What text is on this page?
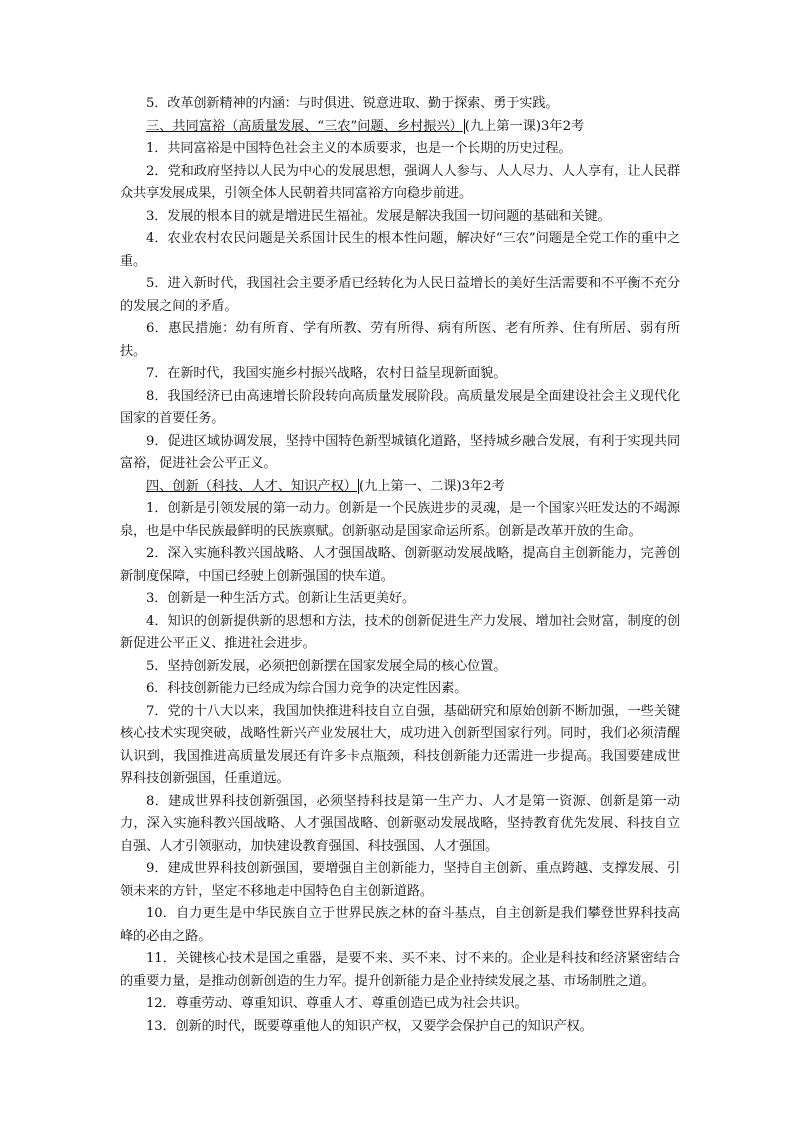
5．改革创新精神的内涵：与时俱进、锐意进取、勤于探索、勇于实践。

三、共同富裕（高质量发展、“三农”问题、乡村振兴） (九上第一课)3年2考

1．共同富裕是中国特色社会主义的本质要求，也是一个长期的历史过程。

2．党和政府坚持以人民为中心的发展思想，强调人人参与、人人尽力、人人享有，让人民群众共享发展成果，引领全体人民朝着共同富裕方向稳步前进。

3．发展的根本目的就是增进民生福祉。发展是解决我国一切问题的基础和关键。

4．农业农村农民问题是关系国计民生的根本性问题，解决好“三农”问题是全党工作的重中之重。

5．进入新时代，我国社会主要矛盾已经转化为人民日益增长的美好生活需要和不平衡不充分的发展之间的矛盾。

6．惠民措施：幼有所育、学有所教、劳有所得、病有所医、老有所养、住有所居、弱有所扶。

7．在新时代，我国实施乡村振兴战略，农村日益呈现新面貌。

8．我国经济已由高速增长阶段转向高质量发展阶段。高质量发展是全面建设社会主义现代化国家的首要任务。

9．促进区域协调发展，坚持中国特色新型城镇化道路，坚持城乡融合发展，有利于实现共同富裕，促进社会公平正义。

四、创新（科技、人才、知识产权） (九上第一、二课)3年2考

1．创新是引领发展的第一动力。创新是一个民族进步的灵魂，是一个国家兴旺发达的不竭源泉，也是中华民族最鲜明的民族禀赋。创新驱动是国家命运所系。创新是改革开放的生命。

2．深入实施科教兴国战略、人才强国战略、创新驱动发展战略，提高自主创新能力，完善创新制度保障，中国已经驶上创新强国的快车道。

3．创新是一种生活方式。创新让生活更美好。

4．知识的创新提供新的思想和方法，技术的创新促进生产力发展、增加社会财富，制度的创新促进公平正义、推进社会进步。

5．坚持创新发展，必须把创新摆在国家发展全局的核心位置。

6．科技创新能力已经成为综合国力竞争的决定性因素。

7．党的十八大以来，我国加快推进科技自立自强，基础研究和原始创新不断加强，一些关键核心技术实现突破，战略性新兴产业发展壮大，成功进入创新型国家行列。同时，我们必须清醒认识到，我国推进高质量发展还有许多卡点瓶颈，科技创新能力还需进一步提高。我国要建成世界科技创新强国，任重道远。

8．建成世界科技创新强国，必须坚持科技是第一生产力、人才是第一资源、创新是第一动力，深入实施科教兴国战略、人才强国战略、创新驱动发展战略，坚持教育优先发展、科技自立自强、人才引领驱动，加快建设教育强国、科技强国、人才强国。

9．建成世界科技创新强国，要增强自主创新能力，坚持自主创新、重点跨越、支撑发展、引领未来的方针，坚定不移地走中国特色自主创新道路。

10．自力更生是中华民族自立于世界民族之林的奋斗基点，自主创新是我们攀登世界科技高峰的必由之路。

11．关键核心技术是国之重器，是要不来、买不来、讨不来的。企业是科技和经济紧密结合的重要力量，是推动创新创造的生力军。提升创新能力是企业持续发展之基、市场制胜之道。

12．尊重劳动、尊重知识、尊重人才、尊重创造已成为社会共识。

13．创新的时代，既要尊重他人的知识产权，又要学会保护自己的知识产权。
